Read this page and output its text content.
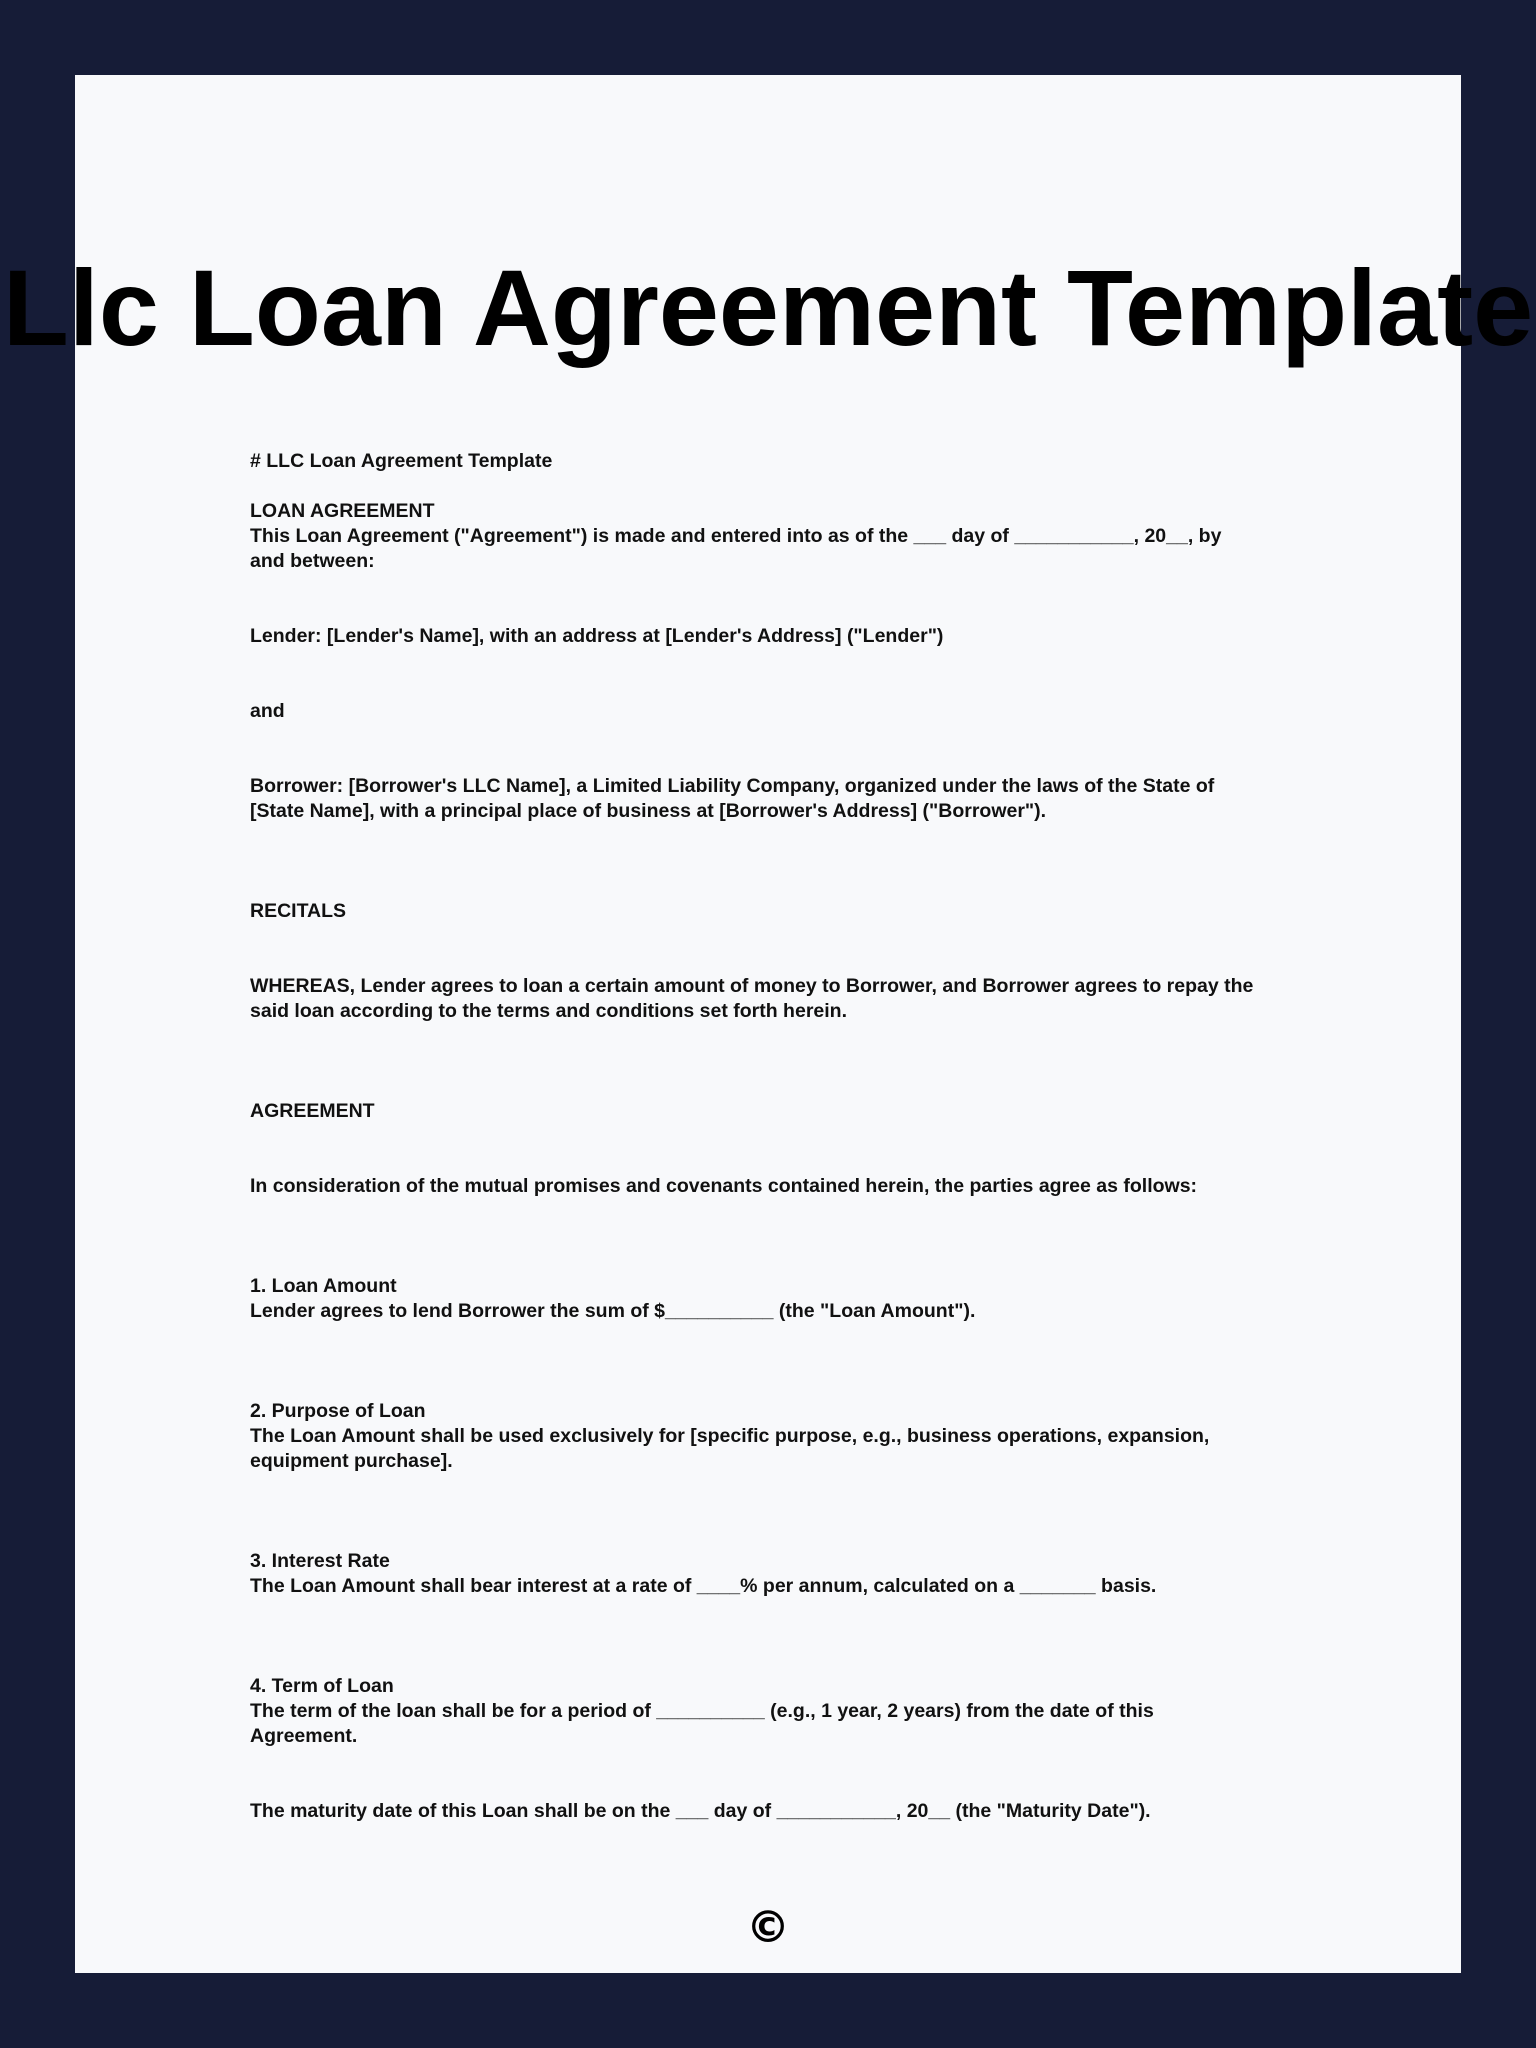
Llc Loan Agreement Template

# LLC Loan Agreement Template

LOAN AGREEMENT

This Loan Agreement ("Agreement") is made and entered into as of the ___ day of ___________, 20__, by and between:

Lender: [Lender's Name], with an address at [Lender's Address] ("Lender")

and

Borrower: [Borrower's LLC Name], a Limited Liability Company, organized under the laws of the State of [State Name], with a principal place of business at [Borrower's Address] ("Borrower").

RECITALS

WHEREAS, Lender agrees to loan a certain amount of money to Borrower, and Borrower agrees to repay the said loan according to the terms and conditions set forth herein.

AGREEMENT

In consideration of the mutual promises and covenants contained herein, the parties agree as follows:

1. Loan Amount

Lender agrees to lend Borrower the sum of $__________ (the "Loan Amount").

2. Purpose of Loan

The Loan Amount shall be used exclusively for [specific purpose, e.g., business operations, expansion, equipment purchase].

3. Interest Rate

The Loan Amount shall bear interest at a rate of ____% per annum, calculated on a _______ basis.

4. Term of Loan

The term of the loan shall be for a period of __________ (e.g., 1 year, 2 years) from the date of this Agreement.

The maturity date of this Loan shall be on the ___ day of ___________, 20__ (the "Maturity Date").

©
